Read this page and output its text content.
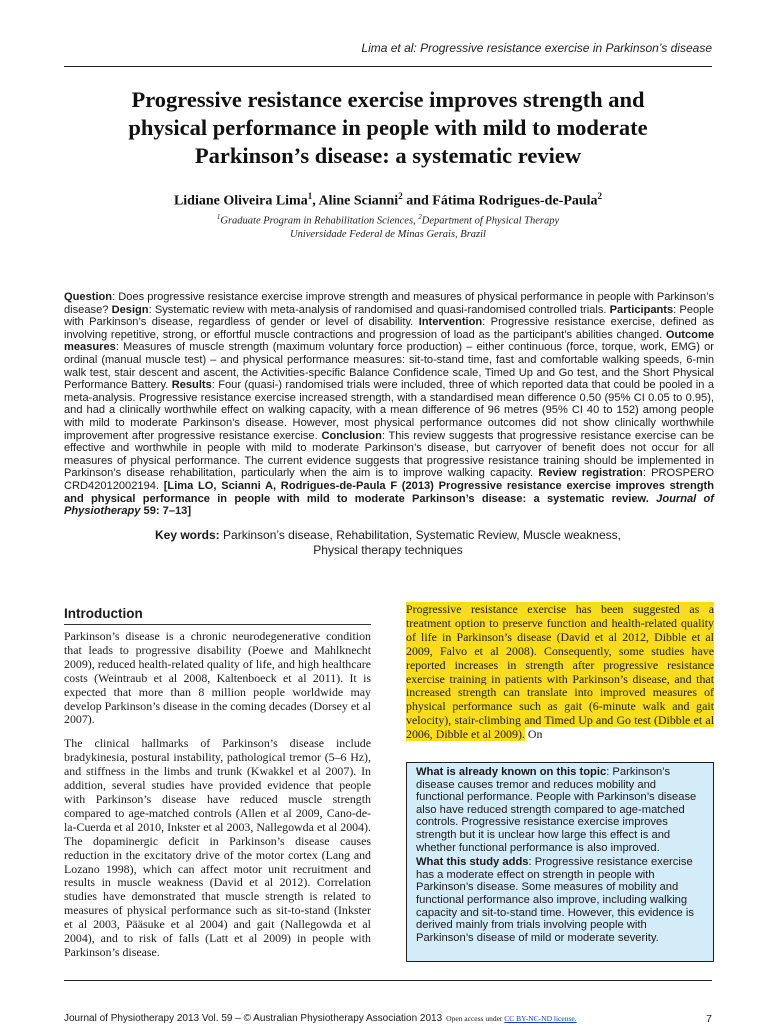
Lima et al: Progressive resistance exercise in Parkinson’s disease
Progressive resistance exercise improves strength and
physical performance in people with mild to moderate
Parkinson’s disease: a systematic review
Lidiane Oliveira Lima$^1$, Aline Scianni$^2$ and Fátima Rodrigues-de-Paula$^2$
$^1$Graduate Program in Rehabilitation Sciences, $^2$Department of Physical Therapy
Universidade Federal de Minas Gerais, Brazil
Question: Does progressive resistance exercise improve strength and measures of physical performance in people with Parkinson’s disease? Design: Systematic review with meta-analysis of randomised and quasi-randomised controlled trials. Participants: People with Parkinson’s disease, regardless of gender or level of disability. Intervention: Progressive resistance exercise, defined as involving repetitive, strong, or effortful muscle contractions and progression of load as the participant’s abilities changed. Outcome measures: Measures of muscle strength (maximum voluntary force production) – either continuous (force, torque, work, EMG) or ordinal (manual muscle test) – and physical performance measures: sit-to-stand time, fast and comfortable walking speeds, 6-min walk test, stair descent and ascent, the Activities-specific Balance Confidence scale, Timed Up and Go test, and the Short Physical Performance Battery. Results: Four (quasi-) randomised trials were included, three of which reported data that could be pooled in a meta-analysis. Progressive resistance exercise increased strength, with a standardised mean difference 0.50 (95% CI 0.05 to 0.95), and had a clinically worthwhile effect on walking capacity, with a mean difference of 96 metres (95% CI 40 to 152) among people with mild to moderate Parkinson’s disease. However, most physical performance outcomes did not show clinically worthwhile improvement after progressive resistance exercise. Conclusion: This review suggests that progressive resistance exercise can be effective and worthwhile in people with mild to moderate Parkinson’s disease, but carryover of benefit does not occur for all measures of physical performance. The current evidence suggests that progressive resistance training should be implemented in Parkinson’s disease rehabilitation, particularly when the aim is to improve walking capacity. Review registration: PROSPERO CRD42012002194. [Lima LO, Scianni A, Rodrigues-de-Paula F (2013) Progressive resistance exercise improves strength and physical performance in people with mild to moderate Parkinson’s disease: a systematic review. Journal of Physiotherapy 59: 7–13]
Key words: Parkinson’s disease, Rehabilitation, Systematic Review, Muscle weakness,
Physical therapy techniques
Introduction

Parkinson’s disease is a chronic neurodegenerative condition that leads to progressive disability (Poewe and Mahlknecht 2009), reduced health-related quality of life, and high healthcare costs (Weintraub et al 2008, Kaltenboeck et al 2011). It is expected that more than 8 million people worldwide may develop Parkinson’s disease in the coming decades (Dorsey et al 2007).

The clinical hallmarks of Parkinson’s disease include bradykinesia, postural instability, pathological tremor (5–6 Hz), and stiffness in the limbs and trunk (Kwakkel et al 2007). In addition, several studies have provided evidence that people with Parkinson’s disease have reduced muscle strength compared to age-matched controls (Allen et al 2009, Cano-de-la-Cuerda et al 2010, Inkster et al 2003, Nallegowda et al 2004). The dopaminergic deficit in Parkinson’s disease causes reduction in the excitatory drive of the motor cortex (Lang and Lozano 1998), which can affect motor unit recruitment and results in muscle weakness (David et al 2012). Correlation studies have demonstrated that muscle strength is related to measures of physical performance such as sit-to-stand (Inkster et al 2003, Pääsuke et al 2004) and gait (Nallegowda et al 2004), and to risk of falls (Latt et al 2009) in people with Parkinson’s disease.

Progressive resistance exercise has been suggested as a treatment option to preserve function and health-related quality of life in Parkinson’s disease (David et al 2012, Dibble et al 2009, Falvo et al 2008). Consequently, some studies have reported increases in strength after progressive resistance exercise training in patients with Parkinson’s disease, and that increased strength can translate into improved measures of physical performance such as gait (6-minute walk and gait velocity), stair-climbing and Timed Up and Go test (Dibble et al 2006, Dibble et al 2009). On

What is already known on this topic: Parkinson’s disease causes tremor and reduces mobility and functional performance. People with Parkinson’s disease also have reduced strength compared to age-matched controls. Progressive resistance exercise improves strength but it is unclear how large this effect is and whether functional performance is also improved.

What this study adds: Progressive resistance exercise has a moderate effect on strength in people with Parkinson’s disease. Some measures of mobility and functional performance also improve, including walking capacity and sit-to-stand time. However, this evidence is derived mainly from trials involving people with Parkinson’s disease of mild or moderate severity.

Journal of Physiotherapy 2013 Vol. 59 – © Australian Physiotherapy Association 2013 Open access under CC BY-NC-ND license.	7
